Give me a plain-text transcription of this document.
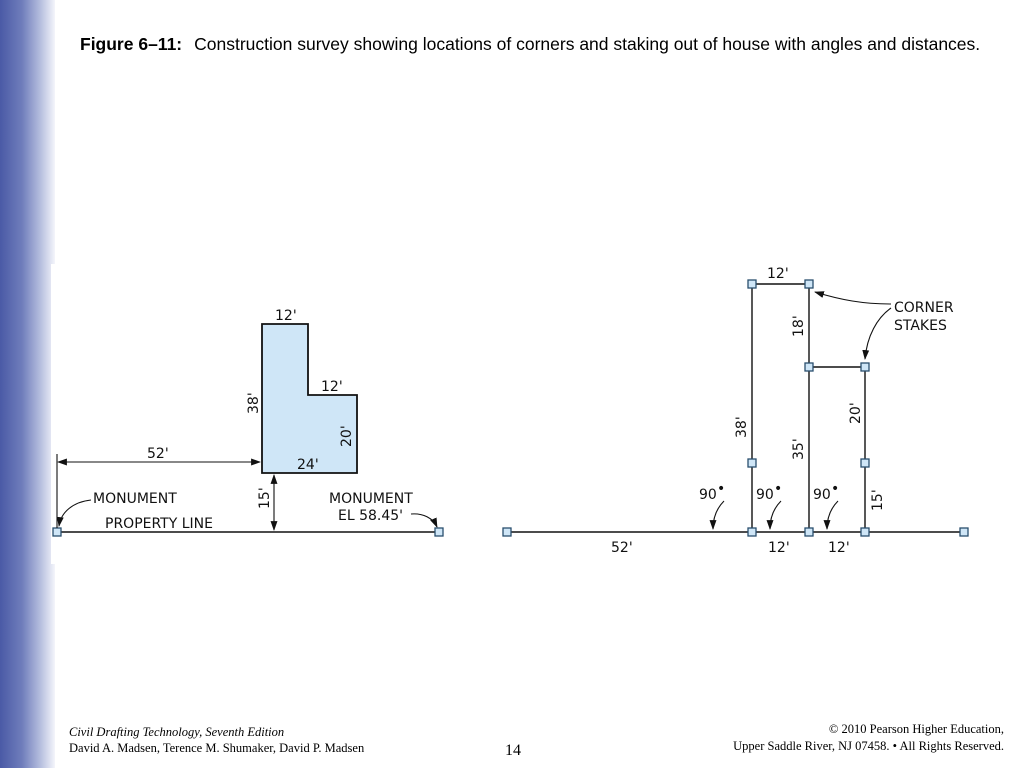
Figure 6–11: Construction survey showing locations of corners and staking out of house with angles and distances.
52'
15'
12'
12'
38'
20'
24'
MONUMENT	MONUMENT
EL 58.45'
PROPERTY LINE
12'
18'
38'
35'
20'
15'
90 • 90 • 90 •
52'	12'	12'
CORNER
STAKES
Civil Drafting Technology, Seventh Edition
David A. Madsen, Terence M. Shumaker, David P. Madsen	14
© 2010 Pearson Higher Education,
Upper Saddle River, NJ 07458. • All Rights Reserved.
